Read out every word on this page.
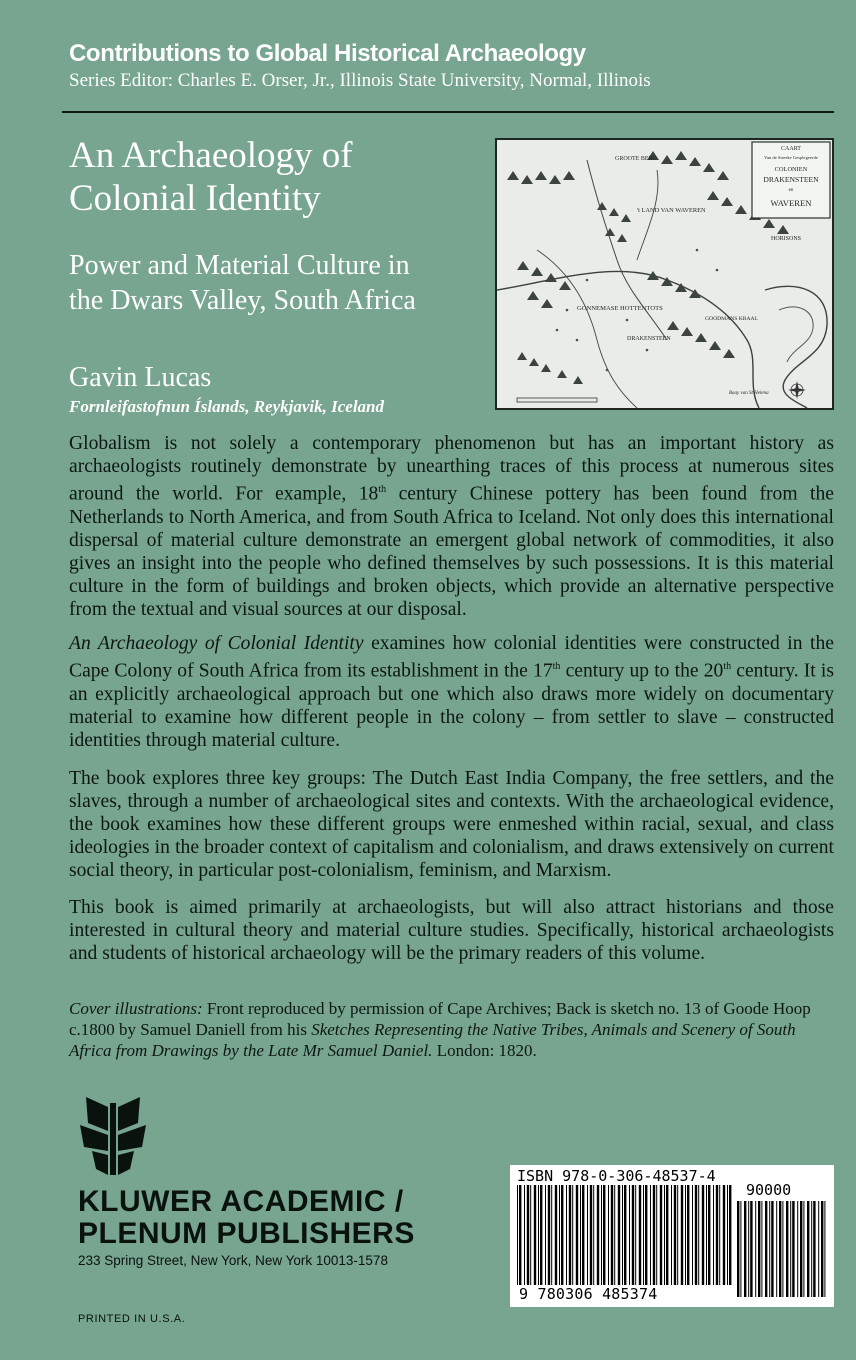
Contributions to Global Historical Archaeology
Series Editor: Charles E. Orser, Jr., Illinois State University, Normal, Illinois
An Archaeology of Colonial Identity
Power and Material Culture in the Dwars Valley, South Africa
Gavin Lucas
Fornleifastofnun Íslands, Reykjavik, Iceland
CAART
Van de Streeke Gesplegeerde
COLONIEN
DRAKENSTEEN
en
WAVEREN
GROOTE BERG
't LAND VAN WAVEREN
HORISONS
GONNEMASE HOTTENTOTS
DRAKENSTEEN
GOODMANS KRAAL
Baay van St Helena
Globalism is not solely a contemporary phenomenon but has an important history as archaeologists routinely demonstrate by unearthing traces of this process at numerous sites around the world. For example, 18th century Chinese pottery has been found from the Netherlands to North America, and from South Africa to Iceland. Not only does this international dispersal of material culture demonstrate an emergent global network of commodities, it also gives an insight into the people who defined themselves by such possessions. It is this material culture in the form of buildings and broken objects, which provide an alternative perspective from the textual and visual sources at our disposal.
An Archaeology of Colonial Identity examines how colonial identities were constructed in the Cape Colony of South Africa from its establishment in the 17th century up to the 20th century. It is an explicitly archaeological approach but one which also draws more widely on documentary material to examine how different people in the colony – from settler to slave – constructed identities through material culture.
The book explores three key groups: The Dutch East India Company, the free settlers, and the slaves, through a number of archaeological sites and contexts. With the archaeological evidence, the book examines how these different groups were enmeshed within racial, sexual, and class ideologies in the broader context of capitalism and colonialism, and draws extensively on current social theory, in particular post-colonialism, feminism, and Marxism.
This book is aimed primarily at archaeologists, but will also attract historians and those interested in cultural theory and material culture studies. Specifically, historical archaeologists and students of historical archaeology will be the primary readers of this volume.
Cover illustrations: Front reproduced by permission of Cape Archives; Back is sketch no. 13 of Goode Hoop c.1800 by Samuel Daniell from his Sketches Representing the Native Tribes, Animals and Scenery of South Africa from Drawings by the Late Mr Samuel Daniel. London: 1820.
KLUWER ACADEMIC /
PLENUM PUBLISHERS
233 Spring Street, New York, New York 10013-1578
PRINTED IN U.S.A.
ISBN 978-0-306-48537-4
90000
9 780306 485374
